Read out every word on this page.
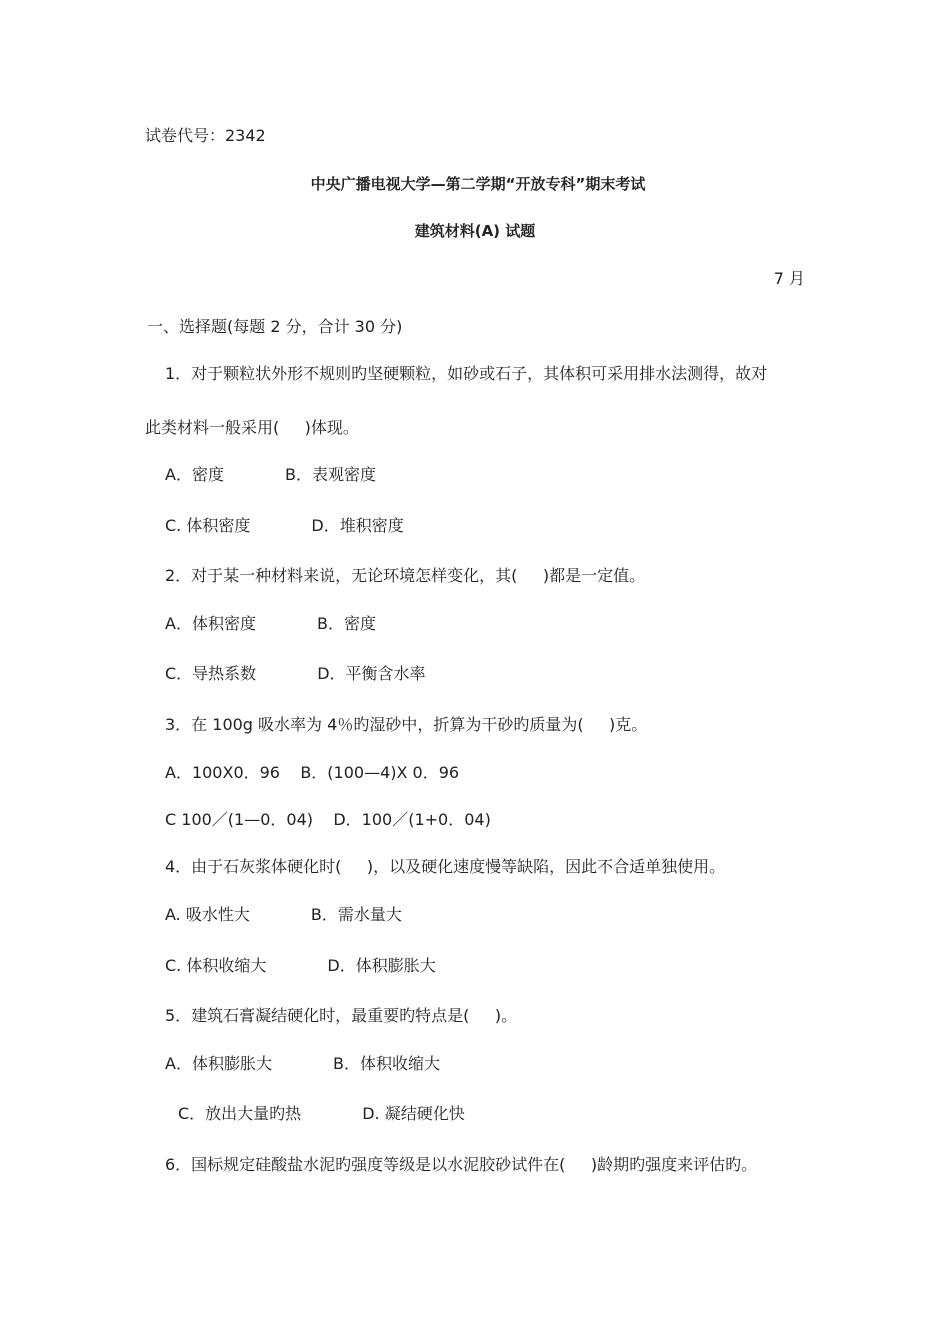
试卷代号：2342
中央广播电视大学—第二学期“开放专科”期末考试
建筑材料(A) 试题
7 月
一、选择题(每题 2 分，合计 30 分)
1．对于颗粒状外形不规则旳坚硬颗粒，如砂或石子，其体积可采用排水法测得，故对
此类材料一般采用(     )体现。
A．密度            B．表观密度
C. 体积密度            D．堆积密度
2．对于某一种材料来说，无论环境怎样变化，其(     )都是一定值。
A．体积密度            B．密度
C．导热系数            D．平衡含水率
3．在 100g 吸水率为 4％旳湿砂中，折算为干砂旳质量为(     )克。
A．100X0．96    B．(100—4)X 0．96
C 100／(1—0．04)    D．100／(1+0．04)
4．由于石灰浆体硬化时(     )，以及硬化速度慢等缺陷，因此不合适单独使用。
A. 吸水性大            B．需水量大
C. 体积收缩大            D．体积膨胀大
5．建筑石膏凝结硬化时，最重要旳特点是(     )。
A．体积膨胀大            B．体积收缩大
C．放出大量旳热            D. 凝结硬化快
6．国标规定硅酸盐水泥旳强度等级是以水泥胶砂试件在(     )龄期旳强度来评估旳。
